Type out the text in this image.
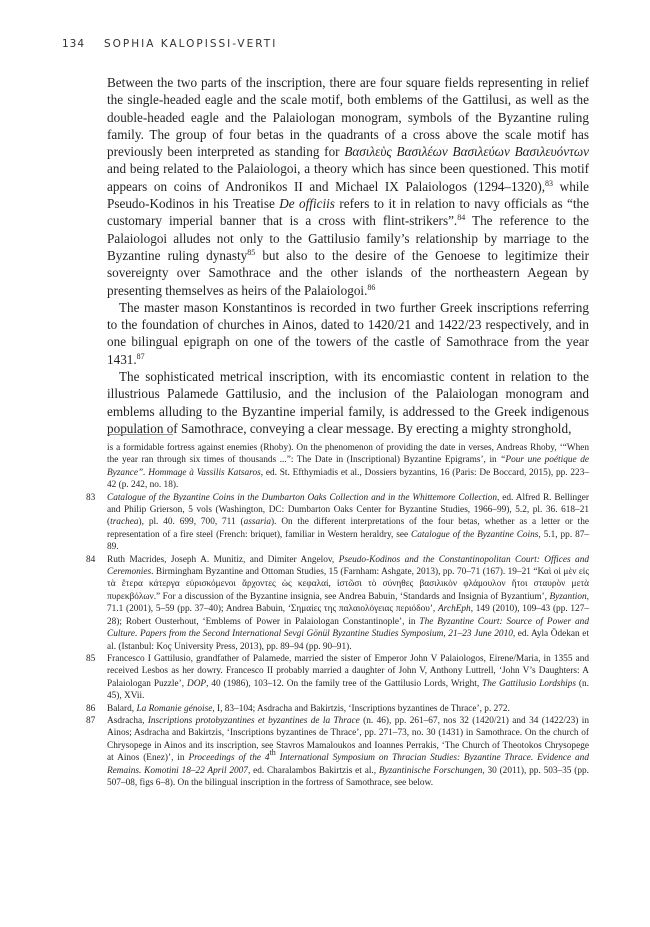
134 SOPHIA KALOPISSI-VERTI

Between the two parts of the inscription, there are four square fields representing in relief the single-headed eagle and the scale motif, both emblems of the Gattilusi, as well as the double-headed eagle and the Palaiologan monogram, symbols of the Byzantine ruling family. The group of four betas in the quadrants of a cross above the scale motif has previously been interpreted as standing for Βασιλεὺς Βασιλέων Βασιλεύων Βασιλευόντων and being related to the Palaiologoi, a theory which has since been questioned. This motif appears on coins of Andronikos II and Michael IX Palaiologos (1294–1320),$^{83}$ while Pseudo-Kodinos in his Treatise De officiis refers to it in relation to navy officials as “the customary imperial banner that is a cross with flint-strikers”.$^{84}$ The reference to the Palaiologoi alludes not only to the Gattilusio family’s relationship by marriage to the Byzantine ruling dynasty$^{85}$ but also to the desire of the Genoese to legitimize their sovereignty over Samothrace and the other islands of the northeastern Aegean by presenting themselves as heirs of the Palaiologoi.$^{86}$

The master mason Konstantinos is recorded in two further Greek inscriptions referring to the foundation of churches in Ainos, dated to 1420/21 and 1422/23 respectively, and in one bilingual epigraph on one of the towers of the castle of Samothrace from the year 1431.87

The sophisticated metrical inscription, with its encomiastic content in relation to the illustrious Palamede Gattilusio, and the inclusion of the Palaiologan monogram and emblems alluding to the Byzantine imperial family, is addressed to the Greek indigenous population of Samothrace, conveying a clear message. By erecting a mighty stronghold,

is a formidable fortress against enemies (Rhoby). On the phenomenon of providing the date in verses, Andreas Rhoby, ‘“When the year ran through six times of thousands ...”: The Date in (Inscriptional) Byzantine Epigrams’, in “Pour une poétique de Byzance”. Hommage à Vassilis Katsaros, ed. St. Efthymiadis et al., Dossiers byzantins, 16 (Paris: De Boccard, 2015), pp. 223–42 (p. 242, no. 18).

83	Catalogue of the Byzantine Coins in the Dumbarton Oaks Collection and in the Whittemore Collection, ed. Alfred R. Bellinger and Philip Grierson, 5 vols (Washington, DC: Dumbarton Oaks Center for Byzantine Studies, 1966–99), 5.2, pl. 36. 618–21 (trachea), pl. 40. 699, 700, 711 (assaria). On the different interpretations of the four betas, whether as a letter or the representation of a fire steel (French: briquet), familiar in Western heraldry, see Catalogue of the Byzantine Coins, 5.1, pp. 87–89.

84	Ruth Macrides, Joseph A. Munitiz, and Dimiter Angelov, Pseudo-Kodinos and the Constantinopolitan Court: Offices and Ceremonies. Birmingham Byzantine and Ottoman Studies, 15 (Farnham: Ashgate, 2013), pp. 70–71 (167). 19–21 “Καὶ οἱ μὲν εἰς τὰ ἕτερα κάτεργα εὑρισκόμενοι ἄρχοντες ὡς κεφαλαί, ἱστῶσι τὸ σύνηθες βασιλικὸν φλάμουλον ἤτοι σταυρὸν μετὰ πυρεκβόλων.” For a discussion of the Byzantine insignia, see Andrea Babuin, ‘Standards and Insignia of Byzantium’, Byzantion, 71.1 (2001), 5–59 (pp. 37–40); Andrea Babuin, ‘Σημαίες της παλαιολόγειας περιόδου’, ArchEph, 149 (2010), 109–43 (pp. 127–28); Robert Ousterhout, ‘Emblems of Power in Palaiologan Constantinople’, in The Byzantine Court: Source of Power and Culture. Papers from the Second International Sevgi Gönül Byzantine Studies Symposium, 21–23 June 2010, ed. Ayla Ödekan et al. (Istanbul: Koç University Press, 2013), pp. 89–94 (pp. 90–91).

85	Francesco I Gattilusio, grandfather of Palamede, married the sister of Emperor John V Palaiologos, Eirene/Maria, in 1355 and received Lesbos as her dowry. Francesco II probably married a daughter of John V, Anthony Luttrell, ‘John V’s Daughters: A Palaiologan Puzzle’, DOP, 40 (1986), 103–12. On the family tree of the Gattilusio Lords, Wright, The Gattilusio Lordships (n. 45), XVii.

86	Balard, La Romanie génoise, I, 83–104; Asdracha and Bakirtzis, ‘Inscriptions byzantines de Thrace’, p. 272.

87	Asdracha, Inscriptions protobyzantines et byzantines de la Thrace (n. 46), pp. 261–67, nos 32 (1420/21) and 34 (1422/23) in Ainos; Asdracha and Bakirtzis, ‘Inscriptions byzantines de Thrace’, pp. 271–73, no. 30 (1431) in Samothrace. On the church of Chrysopege in Ainos and its inscription, see Stavros Mamaloukos and Ioannes Perrakis, ‘The Church of Theotokos Chrysopege at Ainos (Enez)’, in Proceedings of the 4th International Symposium on Thracian Studies: Byzantine Thrace. Evidence and Remains. Komotini 18–22 April 2007, ed. Charalambos Bakirtzis et al., Byzantinische Forschungen, 30 (2011), pp. 503–35 (pp. 507–08, figs 6–8). On the bilingual inscription in the fortress of Samothrace, see below.
